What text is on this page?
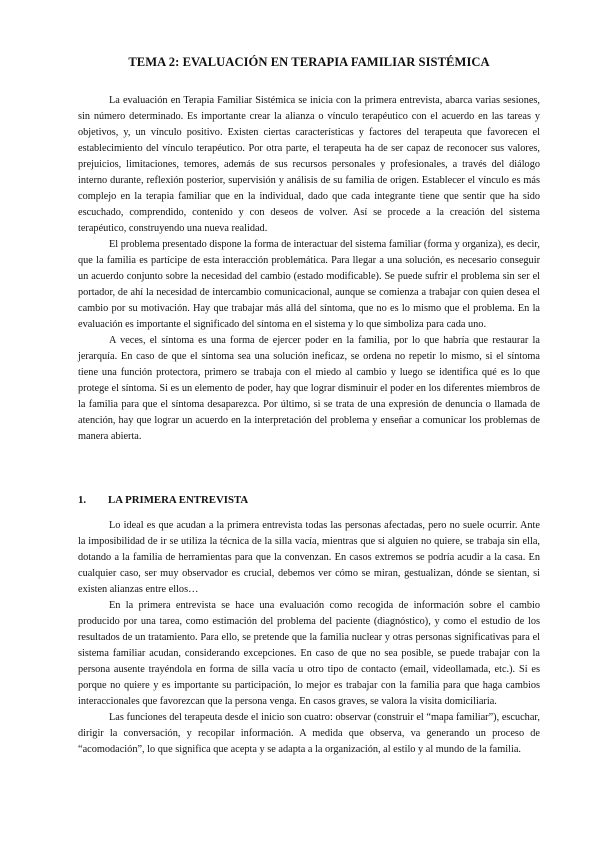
TEMA 2: EVALUACIÓN EN TERAPIA FAMILIAR SISTÉMICA

La evaluación en Terapia Familiar Sistémica se inicia con la primera entrevista, abarca varias sesiones, sin número determinado. Es importante crear la alianza o vínculo terapéutico con el acuerdo en las tareas y objetivos, y, un vínculo positivo. Existen ciertas características y factores del terapeuta que favorecen el establecimiento del vínculo terapéutico. Por otra parte, el terapeuta ha de ser capaz de reconocer sus valores, prejuicios, limitaciones, temores, además de sus recursos personales y profesionales, a través del diálogo interno durante, reflexión posterior, supervisión y análisis de su familia de origen. Establecer el vínculo es más complejo en la terapia familiar que en la individual, dado que cada integrante tiene que sentir que ha sido escuchado, comprendido, contenido y con deseos de volver. Así se procede a la creación del sistema terapéutico, construyendo una nueva realidad.

El problema presentado dispone la forma de interactuar del sistema familiar (forma y organiza), es decir, que la familia es partícipe de esta interacción problemática. Para llegar a una solución, es necesario conseguir un acuerdo conjunto sobre la necesidad del cambio (estado modificable). Se puede sufrir el problema sin ser el portador, de ahí la necesidad de intercambio comunicacional, aunque se comienza a trabajar con quien desea el cambio por su motivación. Hay que trabajar más allá del síntoma, que no es lo mismo que el problema. En la evaluación es importante el significado del síntoma en el sistema y lo que simboliza para cada uno.

A veces, el síntoma es una forma de ejercer poder en la familia, por lo que habría que restaurar la jerarquía. En caso de que el síntoma sea una solución ineficaz, se ordena no repetir lo mismo, si el síntoma tiene una función protectora, primero se trabaja con el miedo al cambio y luego se identifica qué es lo que protege el síntoma. Si es un elemento de poder, hay que lograr disminuir el poder en los diferentes miembros de la familia para que el síntoma desaparezca. Por último, si se trata de una expresión de denuncia o llamada de atención, hay que lograr un acuerdo en la interpretación del problema y enseñar a comunicar los problemas de manera abierta.

1. LA PRIMERA ENTREVISTA

Lo ideal es que acudan a la primera entrevista todas las personas afectadas, pero no suele ocurrir. Ante la imposibilidad de ir se utiliza la técnica de la silla vacía, mientras que si alguien no quiere, se trabaja sin ella, dotando a la familia de herramientas para que la convenzan. En casos extremos se podría acudir a la casa. En cualquier caso, ser muy observador es crucial, debemos ver cómo se miran, gestualizan, dónde se sientan, si existen alianzas entre ellos…

En la primera entrevista se hace una evaluación como recogida de información sobre el cambio producido por una tarea, como estimación del problema del paciente (diagnóstico), y como el estudio de los resultados de un tratamiento. Para ello, se pretende que la familia nuclear y otras personas significativas para el sistema familiar acudan, considerando excepciones. En caso de que no sea posible, se puede trabajar con la persona ausente trayéndola en forma de silla vacía u otro tipo de contacto (email, videollamada, etc.). Si es porque no quiere y es importante su participación, lo mejor es trabajar con la familia para que haga cambios interaccionales que favorezcan que la persona venga. En casos graves, se valora la visita domiciliaria.

Las funciones del terapeuta desde el inicio son cuatro: observar (construir el “mapa familiar”), escuchar, dirigir la conversación, y recopilar información. A medida que observa, va generando un proceso de “acomodación”, lo que significa que acepta y se adapta a la organización, al estilo y al mundo de la familia.
